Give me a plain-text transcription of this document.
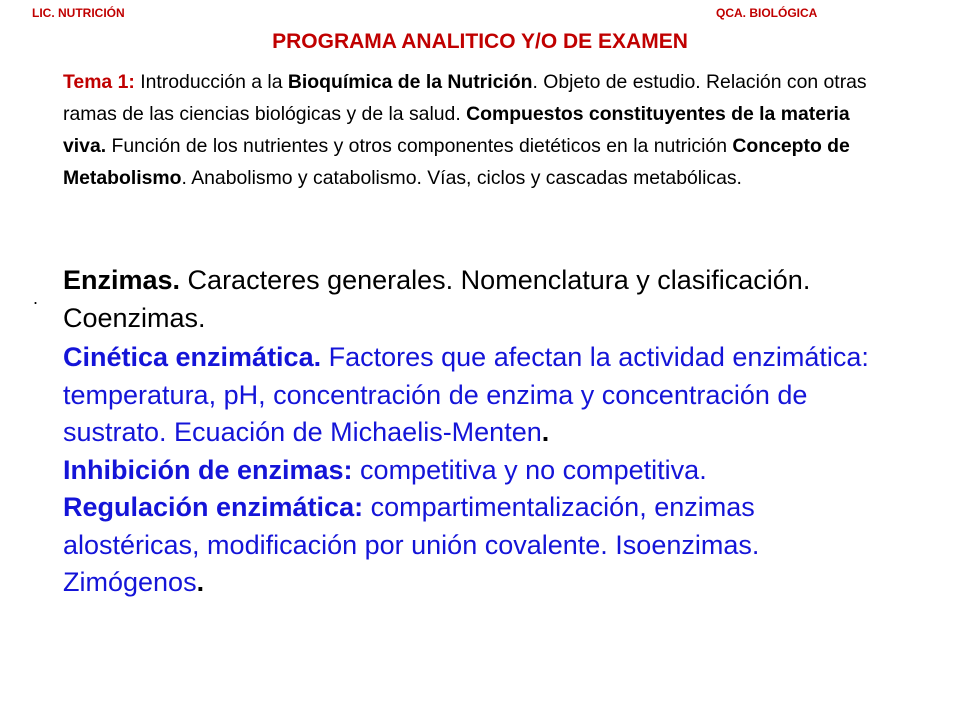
LIC. NUTRICIÓN	QCA. BIOLÓGICA
PROGRAMA ANALITICO Y/O DE EXAMEN
Tema 1: Introducción a la Bioquímica de la Nutrición. Objeto de estudio. Relación con otras ramas de las ciencias biológicas y de la salud. Compuestos constituyentes de la materia viva. Función de los nutrientes y otros componentes dietéticos en la nutrición Concepto de Metabolismo. Anabolismo y catabolismo. Vías, ciclos y cascadas metabólicas.
.
Enzimas. Caracteres generales. Nomenclatura y clasificación. Coenzimas.

Cinética enzimática. Factores que afectan la actividad enzimática: temperatura, pH, concentración de enzima y concentración de sustrato. Ecuación de Michaelis-Menten.

Inhibición de enzimas: competitiva y no competitiva.

Regulación enzimática: compartimentalización, enzimas alostéricas, modificación por unión covalente. Isoenzimas. Zimógenos.
